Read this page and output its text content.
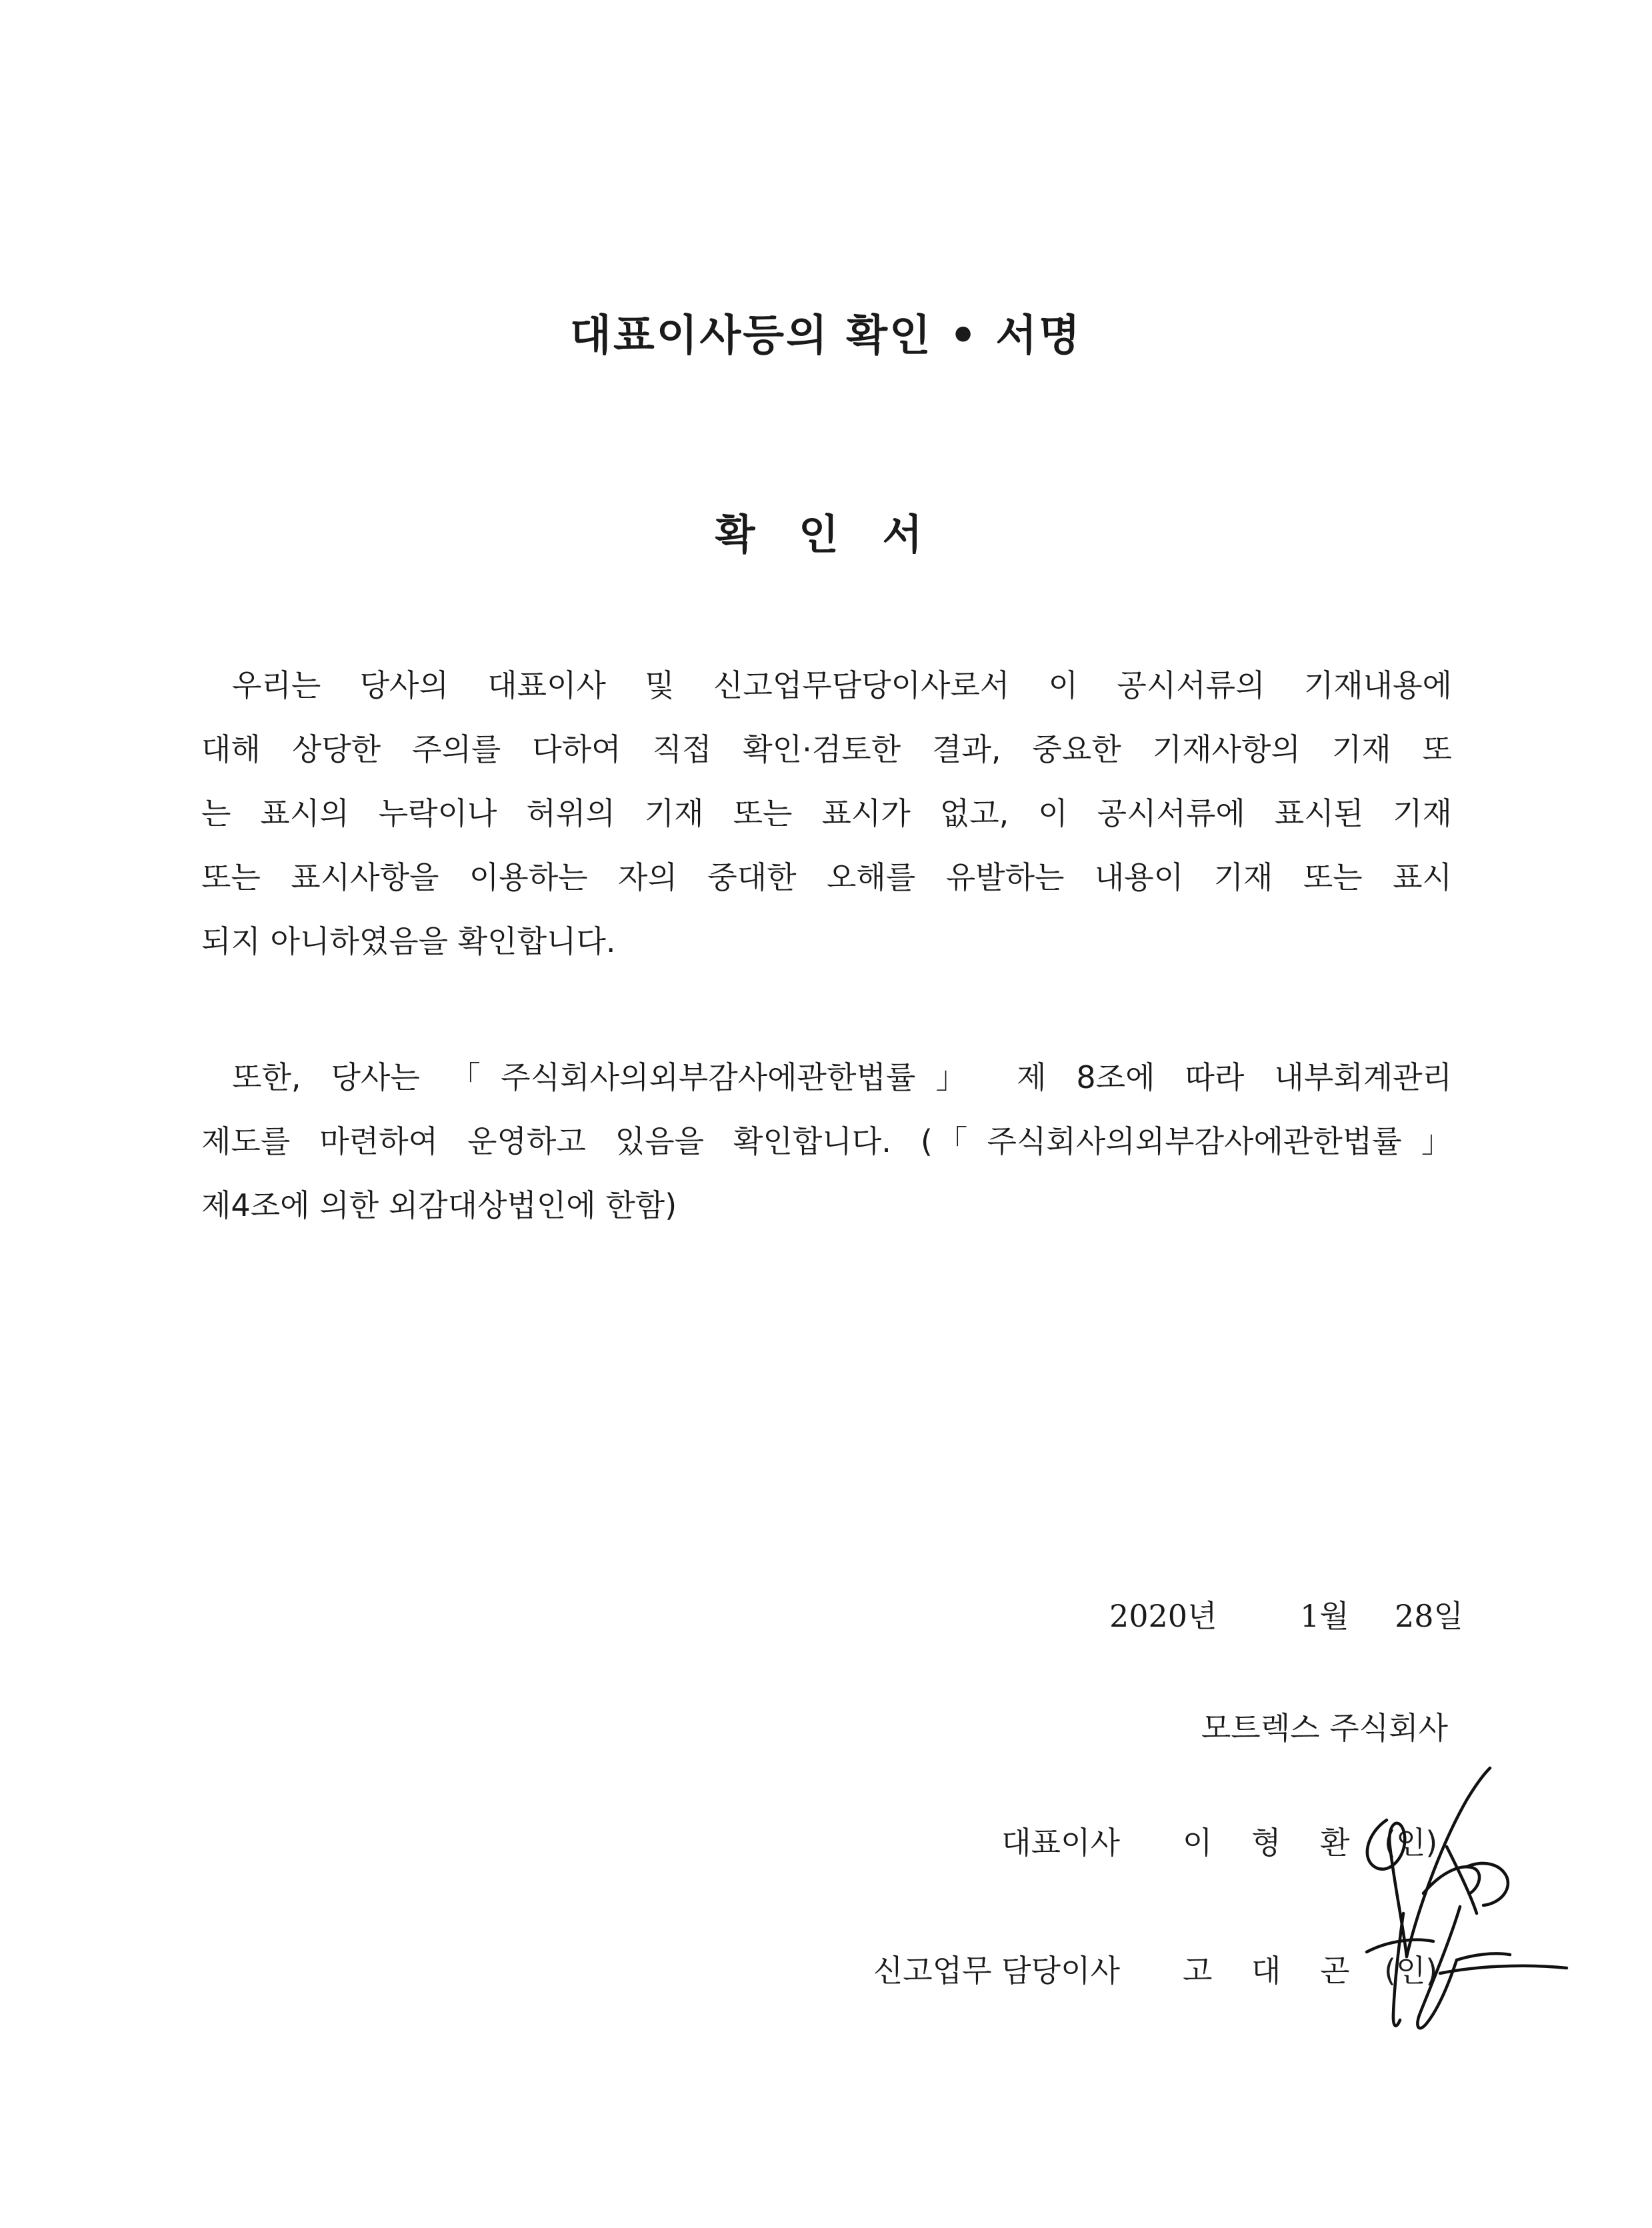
대표이사등의 확인 • 서명
확 인 서
우리는 당사의 대표이사 및 신고업무담당이사로서 이 공시서류의 기재내용에
대해 상당한 주의를 다하여 직접 확인·검토한 결과, 중요한 기재사항의 기재 또
는 표시의 누락이나 허위의 기재 또는 표시가 없고, 이 공시서류에 표시된 기재
또는 표시사항을 이용하는 자의 중대한 오해를 유발하는 내용이 기재 또는 표시
되지 아니하였음을 확인합니다.
또한, 당사는 「주식회사의외부감사에관한법률」 제 8조에 따라 내부회계관리
제도를 마련하여 운영하고 있음을 확인합니다. (「주식회사의외부감사에관한법률」
제4조에 의한 외감대상법인에 한함)
2020년	1월 28일
모트렉스 주식회사
대표이사 이 형 환 (인)
신고업무 담당이사 고 대 곤 (인)
